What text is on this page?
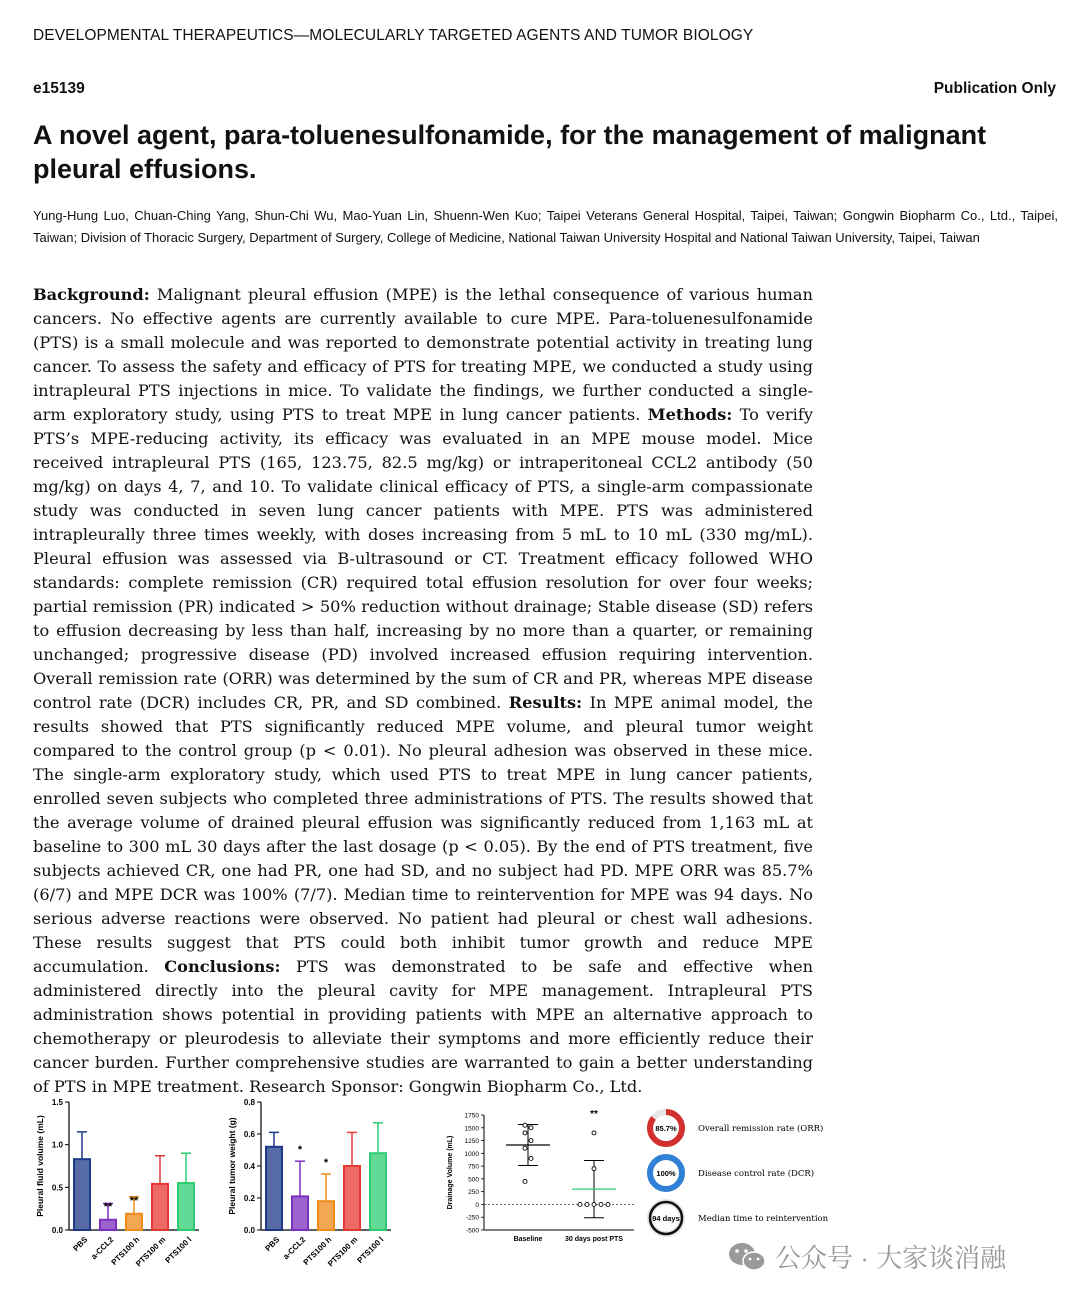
DEVELOPMENTAL THERAPEUTICS—MOLECULARLY TARGETED AGENTS AND TUMOR BIOLOGY
e15139	Publication Only
A novel agent, para-toluenesulfonamide, for the management of malignant pleural effusions.
Yung-Hung Luo, Chuan-Ching Yang, Shun-Chi Wu, Mao-Yuan Lin, Shuenn-Wen Kuo; Taipei Veterans General Hospital, Taipei, Taiwan; Gongwin Biopharm Co., Ltd., Taipei, Taiwan; Division of Thoracic Surgery, Department of Surgery, College of Medicine, National Taiwan University Hospital and National Taiwan University, Taipei, Taiwan

Background: Malignant pleural effusion (MPE) is the lethal consequence of various human cancers. No effective agents are currently available to cure MPE. Para-toluenesulfonamide (PTS) is a small molecule and was reported to demonstrate potential activity in treating lung cancer. To assess the safety and efficacy of PTS for treating MPE, we conducted a study using intrapleural PTS injections in mice. To validate the findings, we further conducted a single-arm exploratory study, using PTS to treat MPE in lung cancer patients. Methods: To verify PTS’s MPE-reducing activity, its efficacy was evaluated in an MPE mouse model. Mice received intrapleural PTS (165, 123.75, 82.5 mg/kg) or intraperitoneal CCL2 antibody (50 mg/kg) on days 4, 7, and 10. To validate clinical efficacy of PTS, a single-arm compassionate study was conducted in seven lung cancer patients with MPE. PTS was administered intrapleurally three times weekly, with doses increasing from 5 mL to 10 mL (330 mg/mL). Pleural effusion was assessed via B-ultrasound or CT. Treatment efficacy followed WHO standards: complete remission (CR) required total effusion resolution for over four weeks; partial remission (PR) indicated > 50% reduction without drainage; Stable disease (SD) refers to effusion decreasing by less than half, increasing by no more than a quarter, or remaining unchanged; progressive disease (PD) involved increased effusion requiring intervention. Overall remission rate (ORR) was determined by the sum of CR and PR, whereas MPE disease control rate (DCR) includes CR, PR, and SD combined. Results: In MPE animal model, the results showed that PTS significantly reduced MPE volume, and pleural tumor weight compared to the control group (p < 0.01). No pleural adhesion was observed in these mice. The single-arm exploratory study, which used PTS to treat MPE in lung cancer patients, enrolled seven subjects who completed three administrations of PTS. The results showed that the average volume of drained pleural effusion was significantly reduced from 1,163 mL at baseline to 300 mL 30 days after the last dosage (p < 0.05). By the end of PTS treatment, five subjects achieved CR, one had PR, one had SD, and no subject had PD. MPE ORR was 85.7% (6/7) and MPE DCR was 100% (7/7). Median time to reintervention for MPE was 94 days. No serious adverse reactions were observed. No patient had pleural or chest wall adhesions. These results suggest that PTS could both inhibit tumor growth and reduce MPE accumulation. Conclusions: PTS was demonstrated to be safe and effective when administered directly into the pleural cavity for MPE management. Intrapleural PTS administration shows potential in providing patients with MPE an alternative approach to chemotherapy or pleurodesis to alleviate their symptoms and more efficiently reduce their cancer burden. Further comprehensive studies are warranted to gain a better understanding of PTS in MPE treatment. Research Sponsor: Gongwin Biopharm Co., Ltd.

0.0
0.5
1.0
1.5
Pleural fluid volume (mL)
PBS
**
a-CCL2
**
PTS100 h
PTS100 m
PTS100 l
0.0
0.2
0.4
0.6
0.8
Pleural tumor weight (g)
PBS
*
a-CCL2
*
PTS100 h
PTS100 m
PTS100 l
-500
-250
0
250
500
750
1000
1250
1500
1750
Drainage Volume (mL)
Baseline
**
30 days post PTS
85.7%	Overall remission rate (ORR)
100%	Disease control rate (DCR)
94 days Median time to reintervention
公众号 · 大家谈消融
